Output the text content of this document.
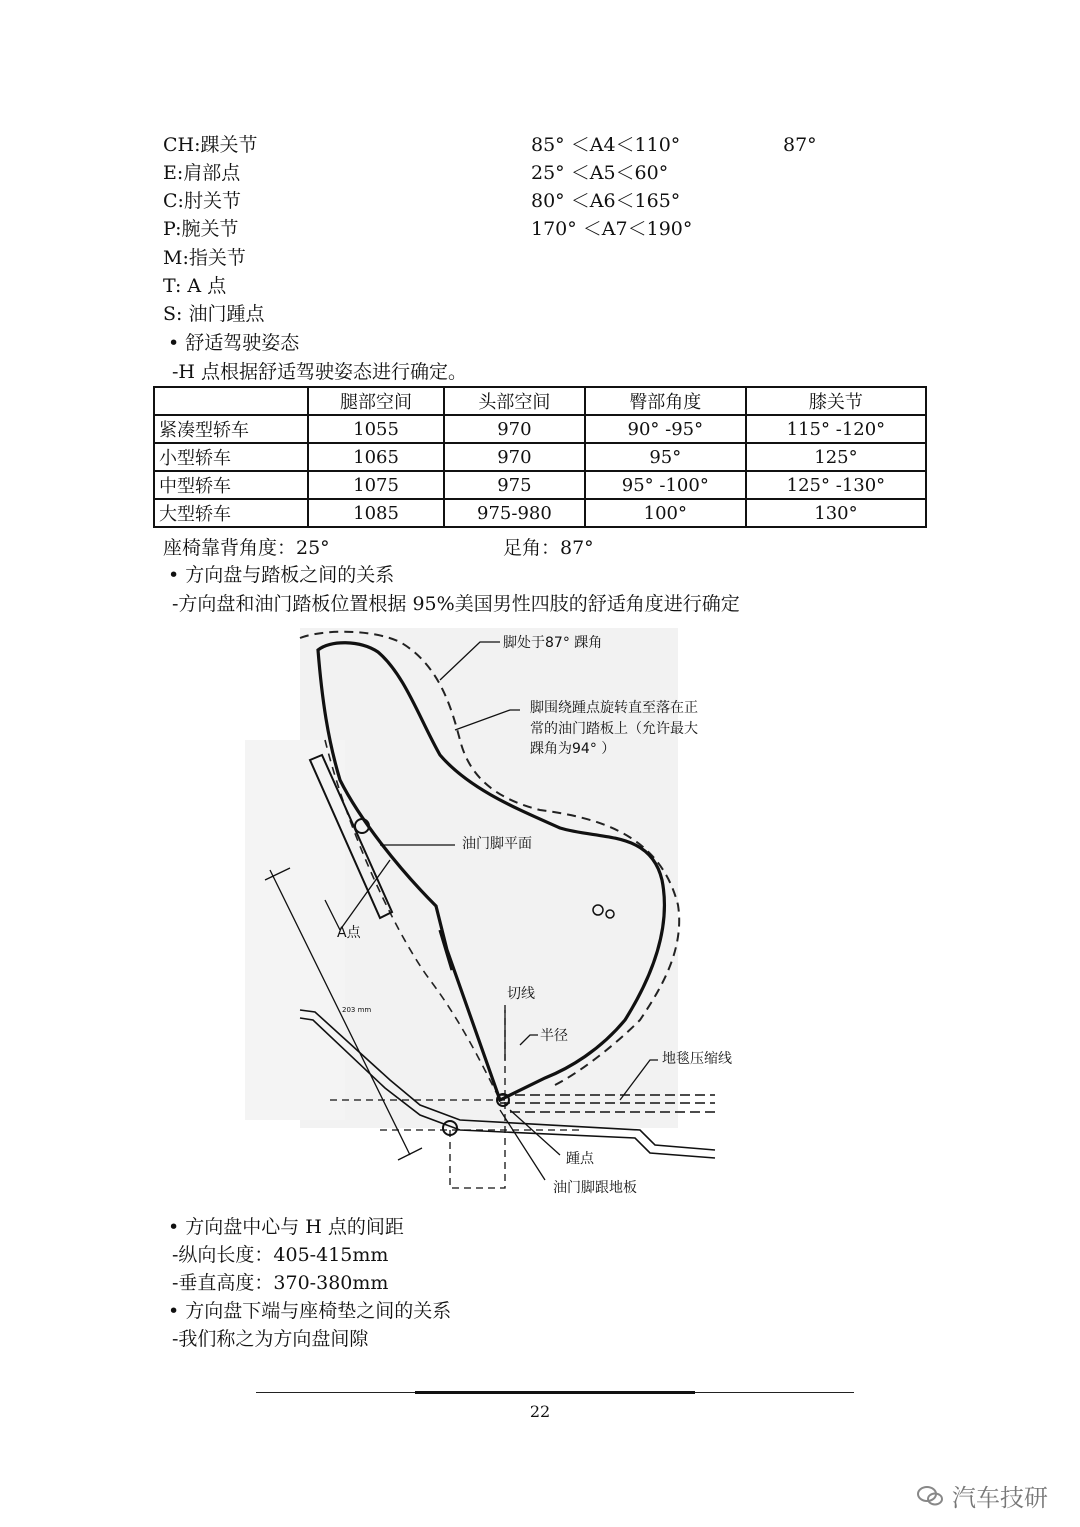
CH:踝关节	85° ＜A4＜110°	87°
E:肩部点	25° ＜A5＜60°
C:肘关节	80° ＜A6＜165°
P:腕关节	170° ＜A7＜190°
M:指关节
T: A 点
S: 油门踵点
• 舒适驾驶姿态
-H 点根据舒适驾驶姿态进行确定。
	腿部空间	头部空间	臀部角度	膝关节
紧凑型轿车	1055	970	90° -95°	115° -120°
小型轿车	1065	970	95°	125°
中型轿车	1075	975	95° -100°	125° -130°
大型轿车	1085	975-980	100°	130°
座椅靠背角度：25°	足角：87°
• 方向盘与踏板之间的关系
-方向盘和油门踏板位置根据 95%美国男性四肢的舒适角度进行确定
脚处于87° 踝角
脚围绕踵点旋转直至落在正
常的油门踏板上（允许最大
踝角为94° ）
油门脚平面
A点
切线
半径
地毯压缩线
踵点
油门脚跟地板
203 mm
• 方向盘中心与 H 点的间距
-纵向长度：405-415mm
-垂直高度：370-380mm
• 方向盘下端与座椅垫之间的关系
-我们称之为方向盘间隙
22
汽车技研
